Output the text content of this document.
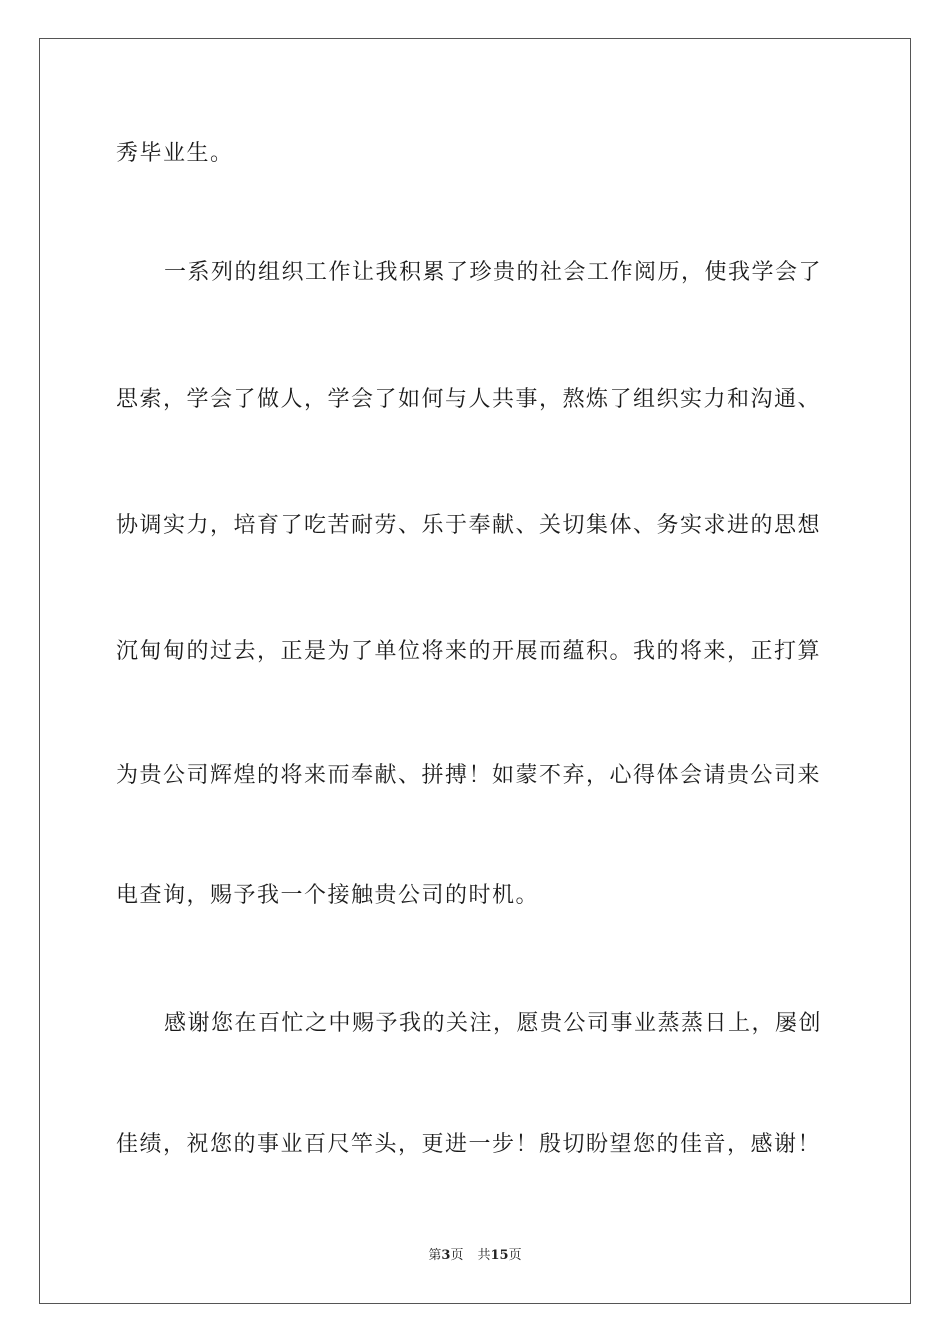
秀毕业生。
一系列的组织工作让我积累了珍贵的社会工作阅历，使我学会了
思索，学会了做人，学会了如何与人共事，熬炼了组织实力和沟通、
协调实力，培育了吃苦耐劳、乐于奉献、关切集体、务实求进的思想
沉甸甸的过去，正是为了单位将来的开展而蕴积。我的将来，正打算
为贵公司辉煌的将来而奉献、拼搏！如蒙不弃，心得体会请贵公司来
电查询，赐予我一个接触贵公司的时机。
感谢您在百忙之中赐予我的关注，愿贵公司事业蒸蒸日上，屡创
佳绩，祝您的事业百尺竿头，更进一步！殷切盼望您的佳音，感谢！
第3页 共15页
